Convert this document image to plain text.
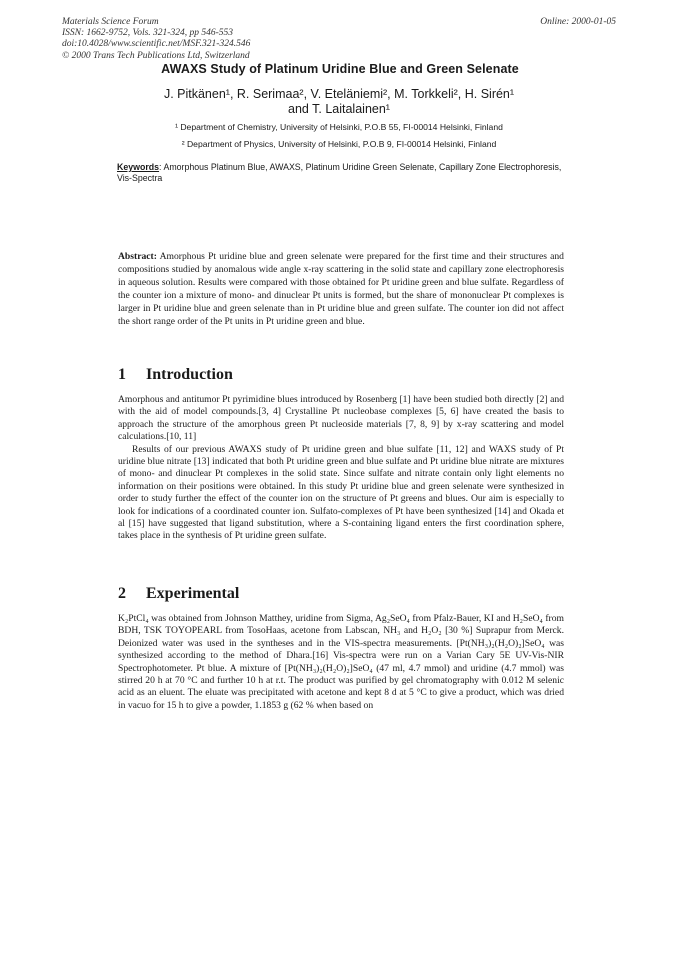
Materials Science Forum
ISSN: 1662-9752, Vols. 321-324, pp 546-553
doi:10.4028/www.scientific.net/MSF.321-324.546
© 2000 Trans Tech Publications Ltd, Switzerland
Online: 2000-01-05
AWAXS Study of Platinum Uridine Blue and Green Selenate
J. Pitkänen¹, R. Serimaa², V. Eteläniemi², M. Torkkeli², H. Sirén¹
and T. Laitalainen¹
¹ Department of Chemistry, University of Helsinki, P.O.B 55, FI-00014 Helsinki, Finland
² Department of Physics, University of Helsinki, P.O.B 9, FI-00014 Helsinki, Finland
Keywords: Amorphous Platinum Blue, AWAXS, Platinum Uridine Green Selenate, Capillary Zone Electrophoresis, Vis-Spectra
Abstract: Amorphous Pt uridine blue and green selenate were prepared for the first time and their structures and compositions studied by anomalous wide angle x-ray scattering in the solid state and capillary zone electrophoresis in aqueous solution. Results were compared with those obtained for Pt uridine green and blue sulfate. Regardless of the counter ion a mixture of mono- and dinuclear Pt units is formed, but the share of mononuclear Pt complexes is larger in Pt uridine blue and green selenate than in Pt uridine blue and green sulfate. The counter ion did not affect the short range order of the Pt units in Pt uridine green and blue.
1 Introduction

Amorphous and antitumor Pt pyrimidine blues introduced by Rosenberg [1] have been studied both directly [2] and with the aid of model compounds.[3, 4] Crystalline Pt nucleobase complexes [5, 6] have created the basis to approach the structure of the amorphous green Pt nucleoside materials [7, 8, 9] by x-ray scattering and model calculations.[10, 11]

Results of our previous AWAXS study of Pt uridine green and blue sulfate [11, 12] and WAXS study of Pt uridine blue nitrate [13] indicated that both Pt uridine green and blue sulfate and Pt uridine blue nitrate are mixtures of mono- and dinuclear Pt complexes in the solid state. Since sulfate and nitrate contain only light elements no information on their positions were obtained. In this study Pt uridine blue and green selenate were synthesized in order to study further the effect of the counter ion on the structure of Pt greens and blues. Our aim is especially to look for indications of a coordinated counter ion. Sulfato-complexes of Pt have been synthesized [14] and Okada et al [15] have suggested that ligand substitution, where a S-containing ligand enters the first coordination sphere, takes place in the synthesis of Pt uridine green sulfate.

2 Experimental

K₂PtCl₄ was obtained from Johnson Matthey, uridine from Sigma, Ag₂SeO₄ from Pfalz-Bauer, KI and H₂SeO₄ from BDH, TSK TOYOPEARL from TosoHaas, acetone from Labscan, NH₃ and H₂O₂ [30 %] Suprapur from Merck. Deionized water was used in the syntheses and in the VIS-spectra measurements. [Pt(NH₃)₂(H₂O)₂]SeO₄ was synthesized according to the method of Dhara.[16] Vis-spectra were run on a Varian Cary 5E UV-Vis-NIR Spectrophotometer. Pt blue. A mixture of [Pt(NH₃)₂(H₂O)₂]SeO₄ (47 ml, 4.7 mmol) and uridine (4.7 mmol) was stirred 20 h at 70 °C and further 10 h at r.t. The product was purified by gel chromatography with 0.012 M selenic acid as an eluent. The eluate was precipitated with acetone and kept 8 d at 5 °C to give a product, which was dried in vacuo for 15 h to give a powder, 1.1853 g (62 % when based on
